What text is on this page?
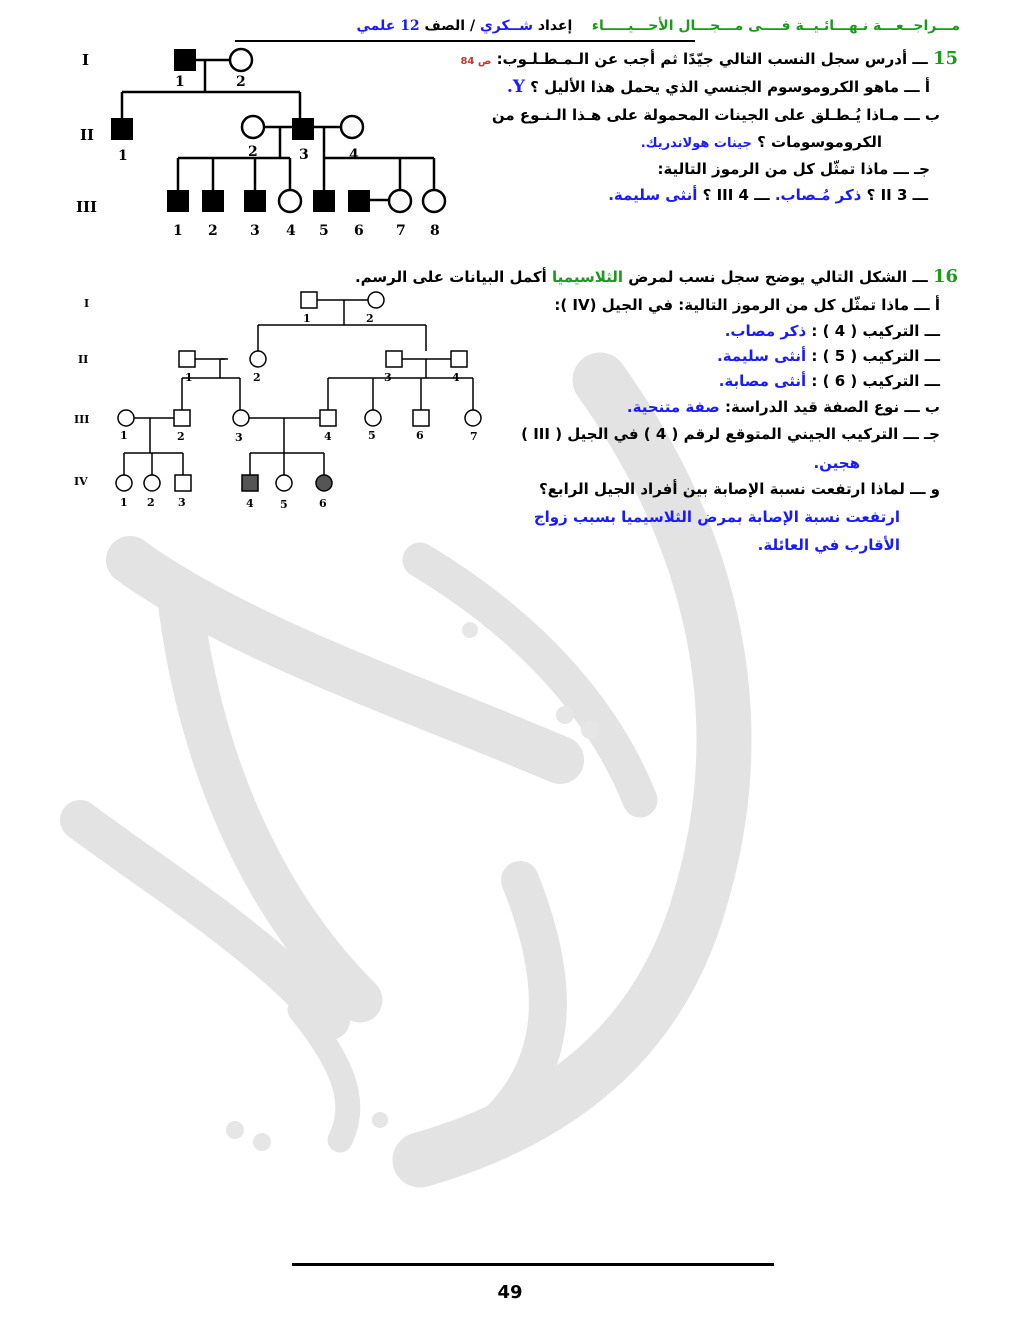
مـــراجــعـــة نـهـــائـيــة فــــى مـــجـــال الأحـــيـــــاء    إعداد شــكري / الصف 12 علمي
15 ـــ أدرس سجل النسب التالي جيّدًا ثم أجب عن الـمـطـلـوب: ص 84
أ ـــ ماهو الكروموسوم الجنسي الذي يحمل هذا الأليل ؟ Y.
ب ـــ مـاذا يُـطـلق على الجينات المحمولة على هـذا الـنـوع من
الكروموسومات ؟ جينات هولاندريك.
جـ ـــ ماذا تمثّل كل من الرموز التالية:
ـــ II 3 ؟ ذكر مُـصاب. ـــ III 4 ؟ أنثى سليمة.
I
II
III
1	2
1	2	3	4
1 2 3 4 5 6 7 8
16 ـــ الشكل التالي يوضح سجل نسب لمرض الثلاسيميا أكمل البيانات على الرسم.
أ ـــ ماذا تمثّل كل من الرموز التالية: في الجيل (IV ):
ـــ التركيب ( 4 ) : ذكر مصاب.
ـــ التركيب ( 5 ) : أنثى سليمة.
ـــ التركيب ( 6 ) : أنثى مصابة.
ب ـــ نوع الصفة قيد الدراسة: صفة متنحية.
جـ ـــ التركيب الجيني المتوقع لرقم ( 4 ) في الجيل ( III )
هجين.
و ـــ لماذا ارتفعت نسبة الإصابة بين أفراد الجيل الرابع؟
ارتفعت نسبة الإصابة بمرض الثلاسيميا بسبب زواج
الأقارب في العائلة.
I
II
III
IV
1	2
1	2	3	4
1	2	3	4	5	6	7
1 2 3	4 5	6
49
